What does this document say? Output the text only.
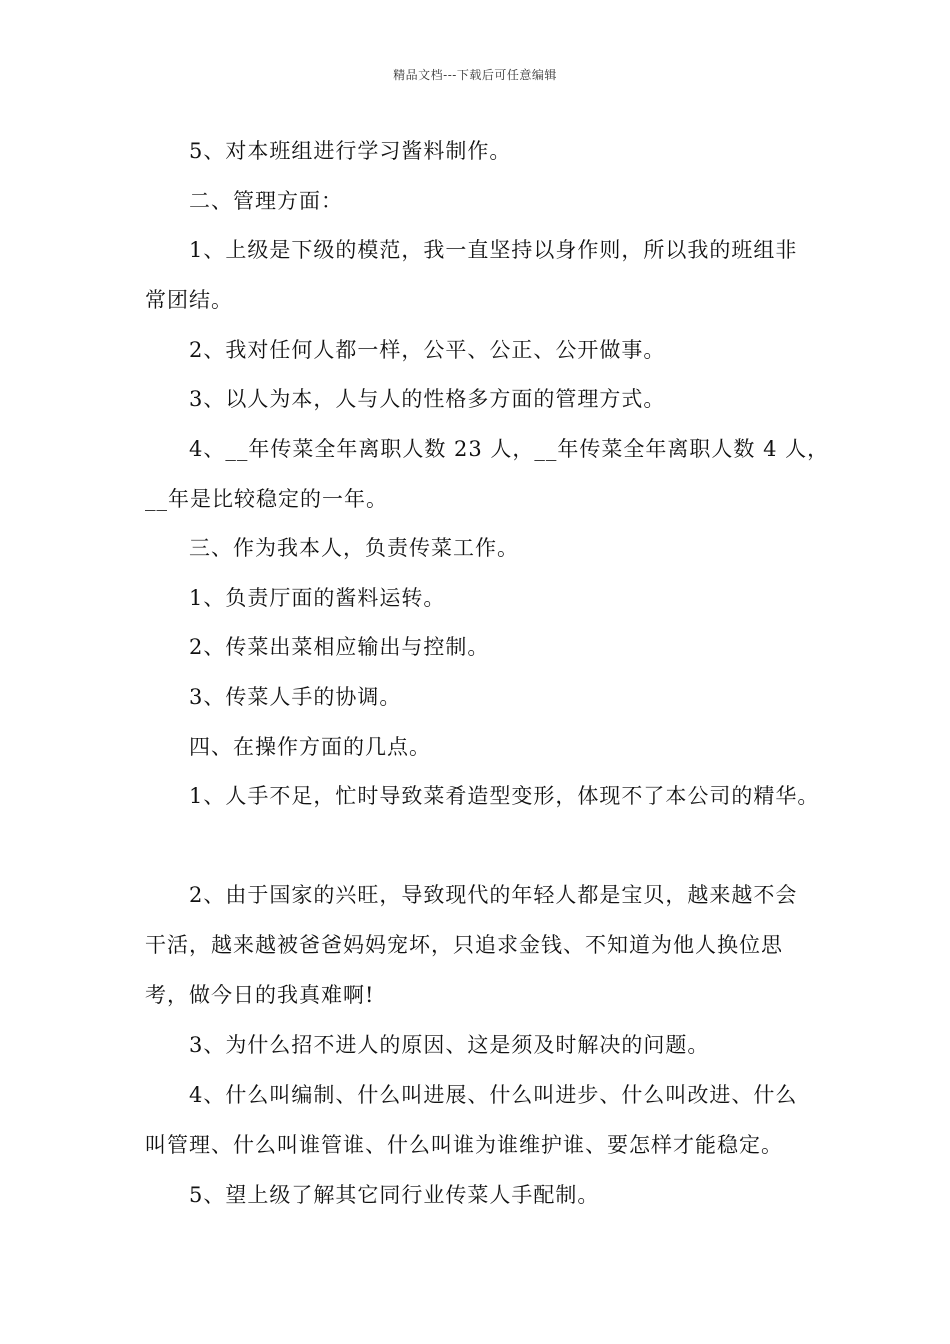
精品文档---下载后可任意编辑
5、对本班组进行学习酱料制作。
二、管理方面：
1、上级是下级的模范，我一直坚持以身作则，所以我的班组非
常团结。
2、我对任何人都一样，公平、公正、公开做事。
3、以人为本，人与人的性格多方面的管理方式。
4、__年传菜全年离职人数 23 人，__年传菜全年离职人数 4 人，
__年是比较稳定的一年。
三、作为我本人，负责传菜工作。
1、负责厅面的酱料运转。
2、传菜出菜相应输出与控制。
3、传菜人手的协调。
四、在操作方面的几点。
1、人手不足，忙时导致菜肴造型变形，体现不了本公司的精华。
2、由于国家的兴旺，导致现代的年轻人都是宝贝，越来越不会
干活，越来越被爸爸妈妈宠坏，只追求金钱、不知道为他人换位思
考，做今日的我真难啊!
3、为什么招不进人的原因、这是须及时解决的问题。
4、什么叫编制、什么叫进展、什么叫进步、什么叫改进、什么
叫管理、什么叫谁管谁、什么叫谁为谁维护谁、要怎样才能稳定。
5、望上级了解其它同行业传菜人手配制。
